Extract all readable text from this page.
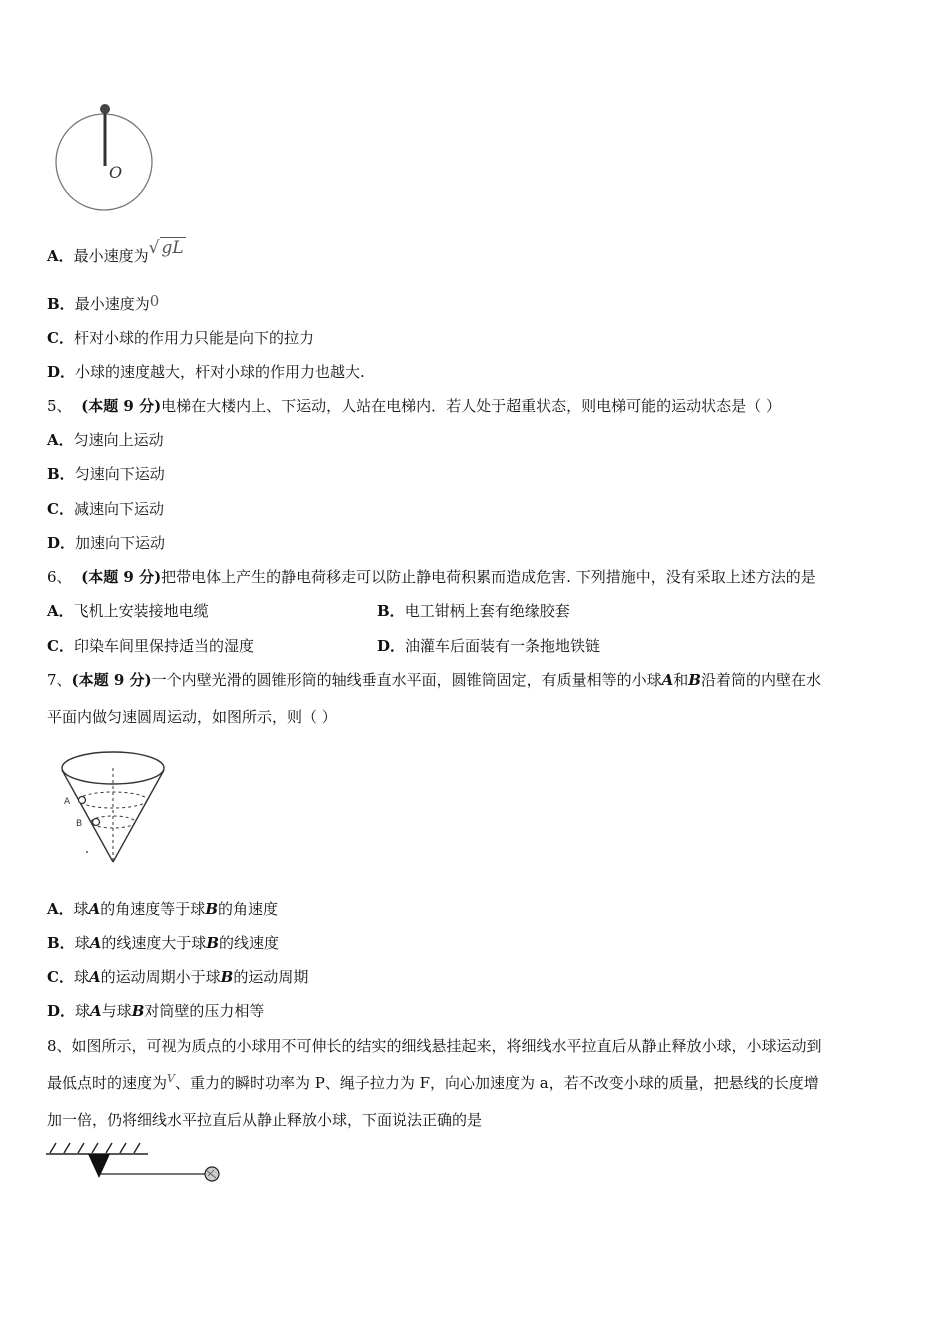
O
A．最小速度为√ gL
B．最小速度为0
C．杆对小球的作用力只能是向下的拉力
D．小球的速度越大，杆对小球的作用力也越大.
5、 (本题 9 分)电梯在大楼内上、下运动，人站在电梯内．若人处于超重状态，则电梯可能的运动状态是（ ）
A．匀速向上运动
B．匀速向下运动
C．减速向下运动
D．加速向下运动
6、 (本题 9 分)把带电体上产生的静电荷移走可以防止静电荷积累而造成危害. 下列措施中，没有采取上述方法的是
A．飞机上安装接地电缆	B．电工钳柄上套有绝缘胶套
C．印染车间里保持适当的湿度	D．油灌车后面装有一条拖地铁链
7、(本题 9 分)一个内壁光滑的圆锥形筒的轴线垂直水平面，圆锥筒固定，有质量相等的小球A和B沿着筒的内壁在水
平面内做匀速圆周运动，如图所示，则（ ）
A
B
A．球A的角速度等于球B的角速度
B．球A的线速度大于球B的线速度
C．球A的运动周期小于球B的运动周期
D．球A与球B对筒壁的压力相等
8、如图所示，可视为质点的小球用不可伸长的结实的细线悬挂起来，将细线水平拉直后从静止释放小球，小球运动到
最低点时的速度为$^V$、重力的瞬时功率为 P、绳子拉力为 F，向心加速度为 a，若不改变小球的质量，把悬线的长度增
加一倍，仍将细线水平拉直后从静止释放小球，下面说法正确的是
